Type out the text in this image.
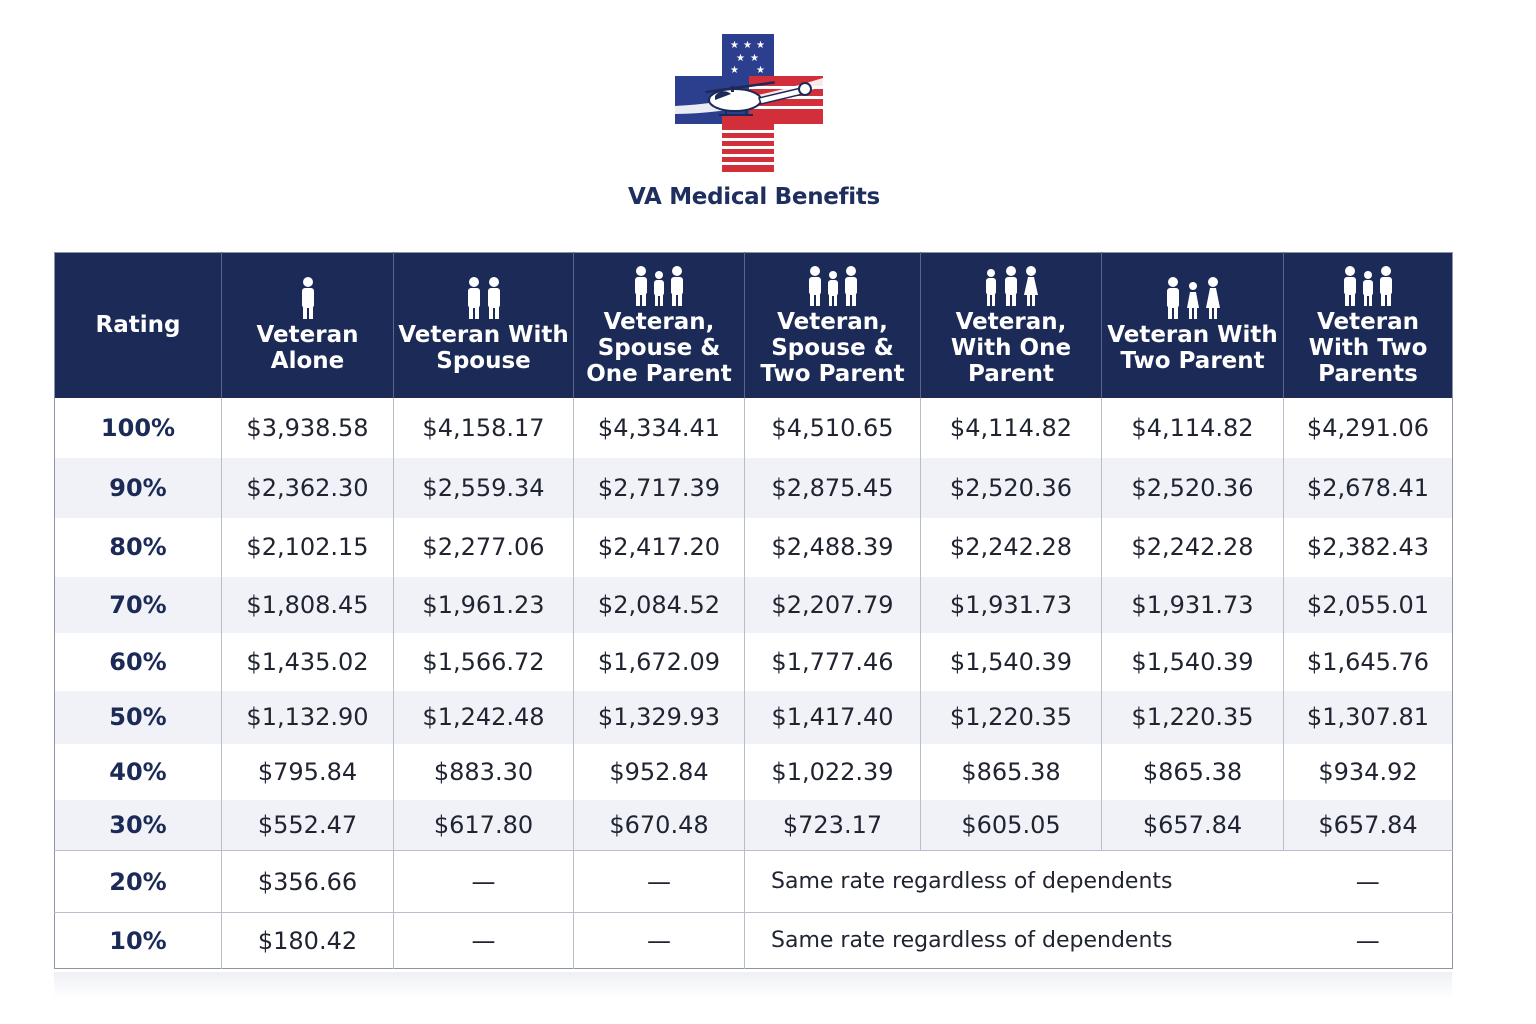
★ ★ ★
★ ★
★ ★
VA Medical Benefits
Rating	Veteran Alone	Veteran With Spouse	Veteran, Spouse & One Parent	Veteran, Spouse & Two Parent	Veteran, With One Parent	Veteran With Two Parent	Veteran With Two Parents

100%	$3,938.58	$4,158.17	$4,334.41	$4,510.65	$4,114.82	$4,114.82	$4,291.06
90%	$2,362.30	$2,559.34	$2,717.39	$2,875.45	$2,520.36	$2,520.36	$2,678.41
80%	$2,102.15	$2,277.06	$2,417.20	$2,488.39	$2,242.28	$2,242.28	$2,382.43
70%	$1,808.45	$1,961.23	$2,084.52	$2,207.79	$1,931.73	$1,931.73	$2,055.01
60%	$1,435.02	$1,566.72	$1,672.09	$1,777.46	$1,540.39	$1,540.39	$1,645.76
50%	$1,132.90	$1,242.48	$1,329.93	$1,417.40	$1,220.35	$1,220.35	$1,307.81
40%	$795.84	$883.30	$952.84	$1,022.39	$865.38	$865.38	$934.92
30%	$552.47	$617.80	$670.48	$723.17	$605.05	$657.84	$657.84
20%	$356.66	—	—	Same rate regardless of dependents			—
10%	$180.42	—	—	Same rate regardless of dependents			—
